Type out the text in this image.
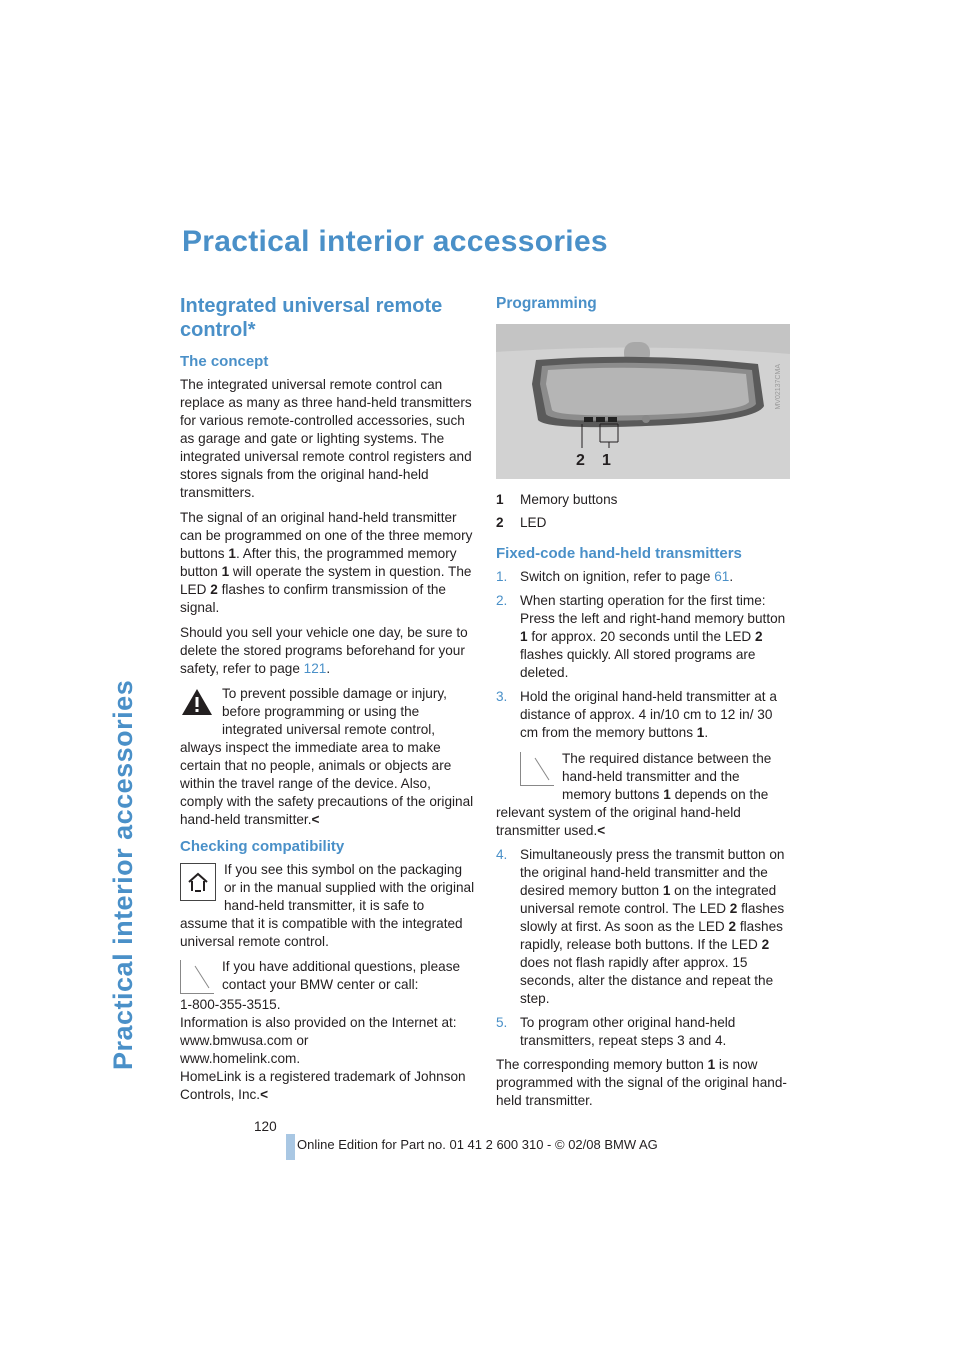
Practical interior accessories
Practical interior accessories
Integrated universal remote control*
The concept

The integrated universal remote control can replace as many as three hand-held transmitters for various remote-controlled accessories, such as garage and gate or lighting systems. The integrated universal remote control registers and stores signals from the original hand-held transmitters.

The signal of an original hand-held transmitter can be programmed on one of the three memory buttons 1. After this, the programmed memory button 1 will operate the system in question. The LED 2 flashes to confirm transmission of the signal.

Should you sell your vehicle one day, be sure to delete the stored programs beforehand for your safety, refer to page 121.

To prevent possible damage or injury, before programming or using the integrated universal remote control, always inspect the immediate area to make certain that no people, animals or objects are within the travel range of the device. Also, comply with the safety precautions of the original hand-held transmitter.<
Checking compatibility
If you see this symbol on the packaging or in the manual supplied with the original hand-held transmitter, it is safe to assume that it is compatible with the integrated universal remote control.
If you have additional questions, please contact your BMW center or call:
1-800-355-3515.
Information is also provided on the Internet at:
www.bmwusa.com or
www.homelink.com.
HomeLink is a registered trademark of Johnson Controls, Inc.<
Programming
2 1
MV02137CMA
1	Memory buttons
2	LED
Fixed-code hand-held transmitters
1. Switch on ignition, refer to page 61.
2. When starting operation for the first time: Press the left and right-hand memory button 1 for approx. 20 seconds until the LED 2 flashes quickly. All stored programs are deleted.
3. Hold the original hand-held transmitter at a distance of approx. 4 in/10 cm to 12 in/ 30 cm from the memory buttons 1.
The required distance between the hand-held transmitter and the memory buttons 1 depends on the relevant system of the original hand-held transmitter used.<
4. Simultaneously press the transmit button on the original hand-held transmitter and the desired memory button 1 on the integrated universal remote control. The LED 2 flashes slowly at first. As soon as the LED 2 flashes rapidly, release both buttons. If the LED 2 does not flash rapidly after approx. 15 seconds, alter the distance and repeat the step.
5. To program other original hand-held transmitters, repeat steps 3 and 4.

The corresponding memory button 1 is now programmed with the signal of the original hand-held transmitter.

120
Online Edition for Part no. 01 41 2 600 310 - © 02/08 BMW AG
